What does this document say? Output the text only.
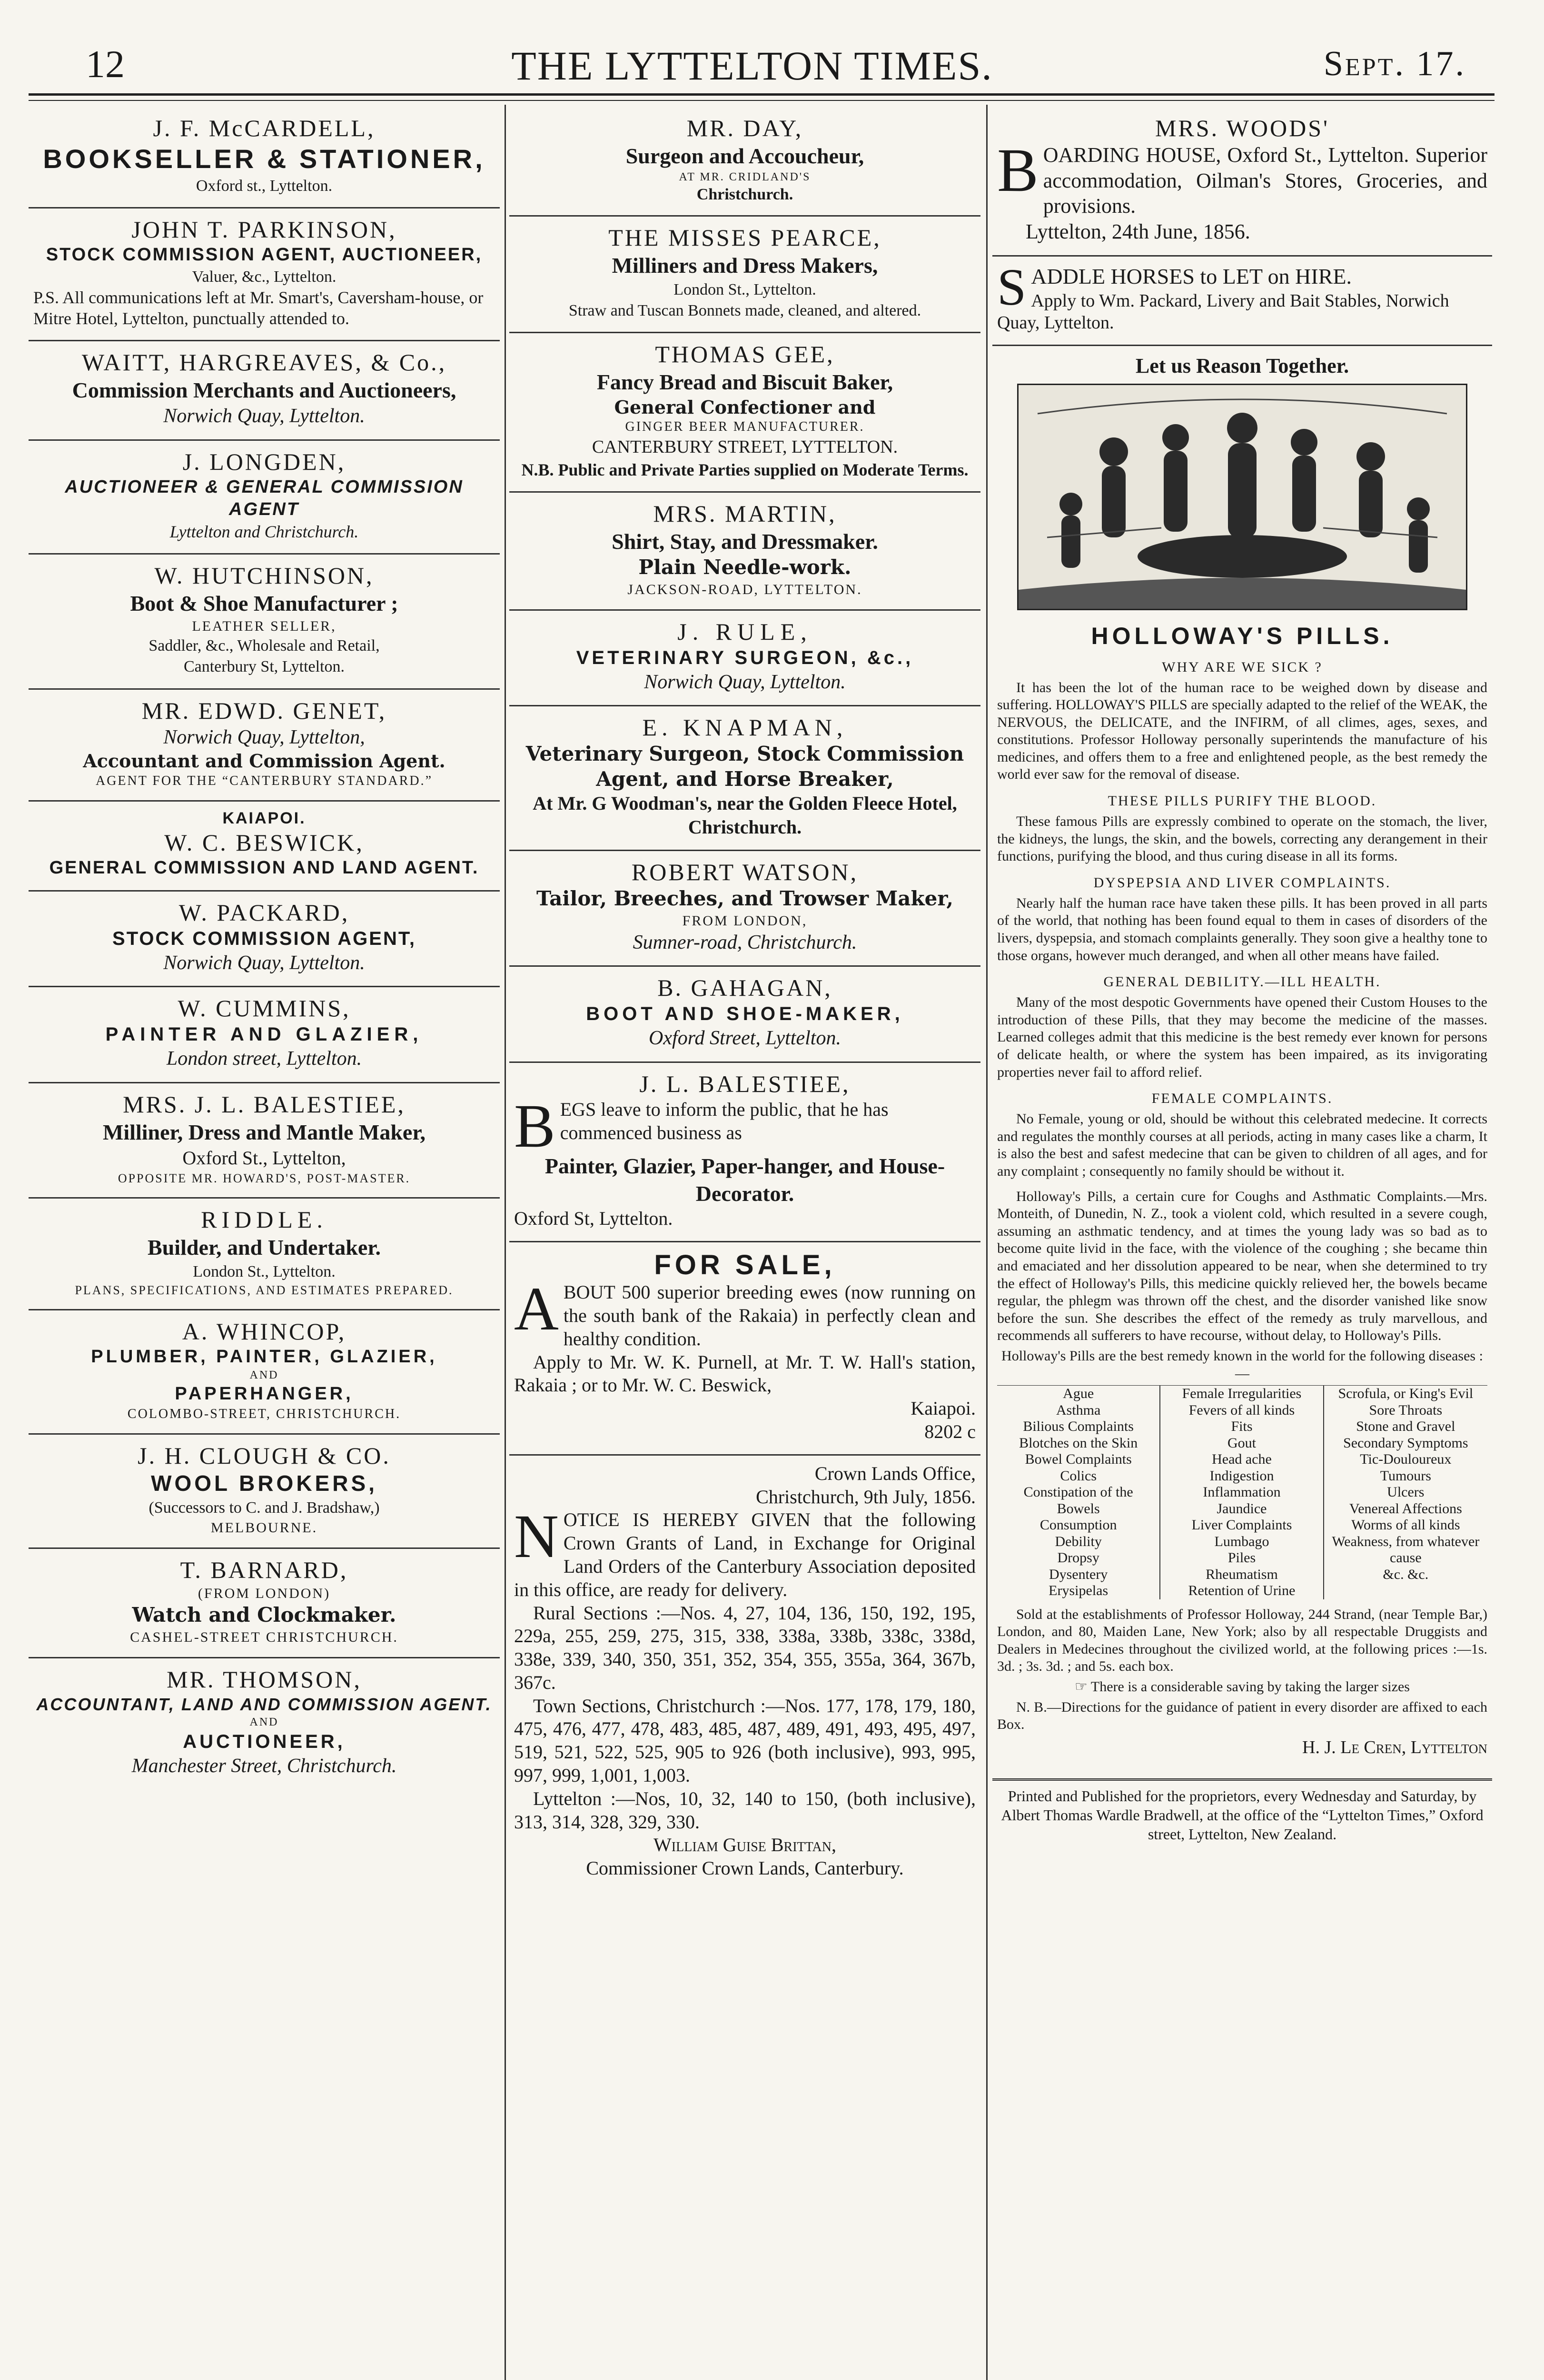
12	THE LYTTELTON TIMES.	Sept. 17.
J. F. McCARDELL,
BOOKSELLER & STATIONER,
Oxford st., Lyttelton.
JOHN T. PARKINSON,
STOCK COMMISSION AGENT, AUCTIONEER,
Valuer, &c., Lyttelton.
P.S. All communications left at Mr. Smart's, Caversham-house, or Mitre Hotel, Lyttelton, punctually attended to.
WAITT, HARGREAVES, & Co.,
Commission Merchants and Auctioneers,
Norwich Quay, Lyttelton.
J. LONGDEN,
AUCTIONEER & GENERAL COMMISSION AGENT
Lyttelton and Christchurch.
W. HUTCHINSON,
Boot & Shoe Manufacturer ;
LEATHER SELLER,
Saddler, &c., Wholesale and Retail,
Canterbury St, Lyttelton.
MR. EDWD. GENET,
Norwich Quay, Lyttelton,
Accountant and Commission Agent.
AGENT FOR THE “CANTERBURY STANDARD.”
KAIAPOI.
W. C. BESWICK,
GENERAL COMMISSION AND LAND AGENT.
W. PACKARD,
STOCK COMMISSION AGENT,
Norwich Quay, Lyttelton.
W. CUMMINS,
PAINTER AND GLAZIER,
London street, Lyttelton.
MRS. J. L. BALESTIEE,
Milliner, Dress and Mantle Maker,
Oxford St., Lyttelton,
OPPOSITE MR. HOWARD'S, POST-MASTER.
RIDDLE.
Builder, and Undertaker.
London St., Lyttelton.
PLANS, SPECIFICATIONS, AND ESTIMATES PREPARED.
A. WHINCOP,
PLUMBER, PAINTER, GLAZIER,
AND
PAPERHANGER,
COLOMBO-STREET, CHRISTCHURCH.
J. H. CLOUGH & CO.
WOOL BROKERS,
(Successors to C. and J. Bradshaw,)
MELBOURNE.
T. BARNARD,
(FROM LONDON)
Watch and Clockmaker.
CASHEL-STREET CHRISTCHURCH.
MR. THOMSON,
ACCOUNTANT, LAND AND COMMISSION AGENT.
AND
AUCTIONEER,
Manchester Street, Christchurch.
MR. DAY,
Surgeon and Accoucheur,
AT MR. CRIDLAND'S
Christchurch.
THE MISSES PEARCE,
Milliners and Dress Makers,
London St., Lyttelton.
Straw and Tuscan Bonnets made, cleaned, and altered.
THOMAS GEE,
Fancy Bread and Biscuit Baker,
General Confectioner and
GINGER BEER MANUFACTURER.
CANTERBURY STREET, LYTTELTON.
N.B. Public and Private Parties supplied on Moderate Terms.
MRS. MARTIN,
Shirt, Stay, and Dressmaker.
Plain Needle-work.
JACKSON-ROAD, LYTTELTON.
J. RULE,
VETERINARY SURGEON, &c.,
Norwich Quay, Lyttelton.
E. KNAPMAN,
Veterinary Surgeon, Stock Commission Agent, and Horse Breaker,
At Mr. G Woodman's, near the Golden Fleece Hotel, Christchurch.
ROBERT WATSON,
Tailor, Breeches, and Trowser Maker,
FROM LONDON,
Sumner-road, Christchurch.
B. GAHAGAN,
BOOT AND SHOE-MAKER,
Oxford Street, Lyttelton.
J. L. BALESTIEE,
B EGS leave to inform the public, that he has commenced business as
Painter, Glazier, Paper-hanger, and House-Decorator.
Oxford St, Lyttelton.
FOR SALE,
A BOUT 500 superior breeding ewes (now running on the south bank of the Rakaia) in perfectly clean and healthy condition.
Apply to Mr. W. K. Purnell, at Mr. T. W. Hall's station, Rakaia ; or to Mr. W. C. Beswick,
Kaiapoi.
8202 c
Crown Lands Office,
Christchurch, 9th July, 1856.
N OTICE IS HEREBY GIVEN that the following Crown Grants of Land, in Exchange for Original Land Orders of the Canterbury Association deposited in this office, are ready for delivery.
Rural Sections :—Nos. 4, 27, 104, 136, 150, 192, 195, 229a, 255, 259, 275, 315, 338, 338a, 338b, 338c, 338d, 338e, 339, 340, 350, 351, 352, 354, 355, 355a, 364, 367b, 367c.
Town Sections, Christchurch :—Nos. 177, 178, 179, 180, 475, 476, 477, 478, 483, 485, 487, 489, 491, 493, 495, 497, 519, 521, 522, 525, 905 to 926 (both inclusive), 993, 995, 997, 999, 1,001, 1,003.
Lyttelton :—Nos, 10, 32, 140 to 150, (both inclusive), 313, 314, 328, 329, 330.
William Guise Brittan,
Commissioner Crown Lands, Canterbury.
MRS. WOODS'
B OARDING HOUSE, Oxford St., Lyttelton. Superior accommodation, Oilman's Stores, Groceries, and provisions.
Lyttelton, 24th June, 1856.
S ADDLE HORSES to LET on HIRE.
Apply to Wm. Packard, Livery and Bait Stables, Norwich Quay, Lyttelton.
Let us Reason Together.
HOLLOWAY'S PILLS.
WHY ARE WE SICK ?

It has been the lot of the human race to be weighed down by disease and suffering. HOLLOWAY'S PILLS are specially adapted to the relief of the WEAK, the NERVOUS, the DELICATE, and the INFIRM, of all climes, ages, sexes, and constitutions. Professor Holloway personally superintends the manufacture of his medicines, and offers them to a free and enlightened people, as the best remedy the world ever saw for the removal of disease.

THESE PILLS PURIFY THE BLOOD.

These famous Pills are expressly combined to operate on the stomach, the liver, the kidneys, the lungs, the skin, and the bowels, correcting any derangement in their functions, purifying the blood, and thus curing disease in all its forms.

DYSPEPSIA AND LIVER COMPLAINTS.

Nearly half the human race have taken these pills. It has been proved in all parts of the world, that nothing has been found equal to them in cases of disorders of the livers, dyspepsia, and stomach complaints generally. They soon give a healthy tone to those organs, however much deranged, and when all other means have failed.

GENERAL DEBILITY.—ILL HEALTH.

Many of the most despotic Governments have opened their Custom Houses to the introduction of these Pills, that they may become the medicine of the masses. Learned colleges admit that this medicine is the best remedy ever known for persons of delicate health, or where the system has been impaired, as its invigorating properties never fail to afford relief.

FEMALE COMPLAINTS.

No Female, young or old, should be without this celebrated medecine. It corrects and regulates the monthly courses at all periods, acting in many cases like a charm, It is also the best and safest medecine that can be given to children of all ages, and for any complaint ; consequently no family should be without it.

Holloway's Pills, a certain cure for Coughs and Asthmatic Complaints.—Mrs. Monteith, of Dunedin, N. Z., took a violent cold, which resulted in a severe cough, assuming an asthmatic tendency, and at times the young lady was so bad as to become quite livid in the face, with the violence of the coughing ; she became thin and emaciated and her dissolution appeared to be near, when she determined to try the effect of Holloway's Pills, this medicine quickly relieved her, the bowels became regular, the phlegm was thrown off the chest, and the disorder vanished like snow before the sun. She describes the effect of the remedy as truly marvellous, and recommends all sufferers to have recourse, without delay, to Holloway's Pills.

Holloway's Pills are the best remedy known in the world for the following diseases :—

Ague
Asthma
Bilious Complaints
Blotches on the Skin
Bowel Complaints
Colics
Constipation of the Bowels
Consumption
Debility
Dropsy
Dysentery
Erysipelas
Female Irregularities
Fevers of all kinds
Fits
Gout
Head ache
Indigestion
Inflammation
Jaundice
Liver Complaints
Lumbago
Piles
Rheumatism
Retention of Urine
Scrofula, or King's Evil
Sore Throats
Stone and Gravel
Secondary Symptoms
Tic-Douloureux
Tumours
Ulcers
Venereal Affections
Worms of all kinds
Weakness, from whatever cause
&c. &c.

Sold at the establishments of Professor Holloway, 244 Strand, (near Temple Bar,) London, and 80, Maiden Lane, New York; also by all respectable Druggists and Dealers in Medecines throughout the civilized world, at the following prices :—1s. 3d. ; 3s. 3d. ; and 5s. each box.

☞ There is a considerable saving by taking the larger sizes

N. B.—Directions for the guidance of patient in every disorder are affixed to each Box.

H. J. Le Cren, Lyttelton

Printed and Published for the proprietors, every Wednesday and Saturday, by Albert Thomas Wardle Bradwell, at the office of the “Lyttelton Times,” Oxford street, Lyttelton, New Zealand.
